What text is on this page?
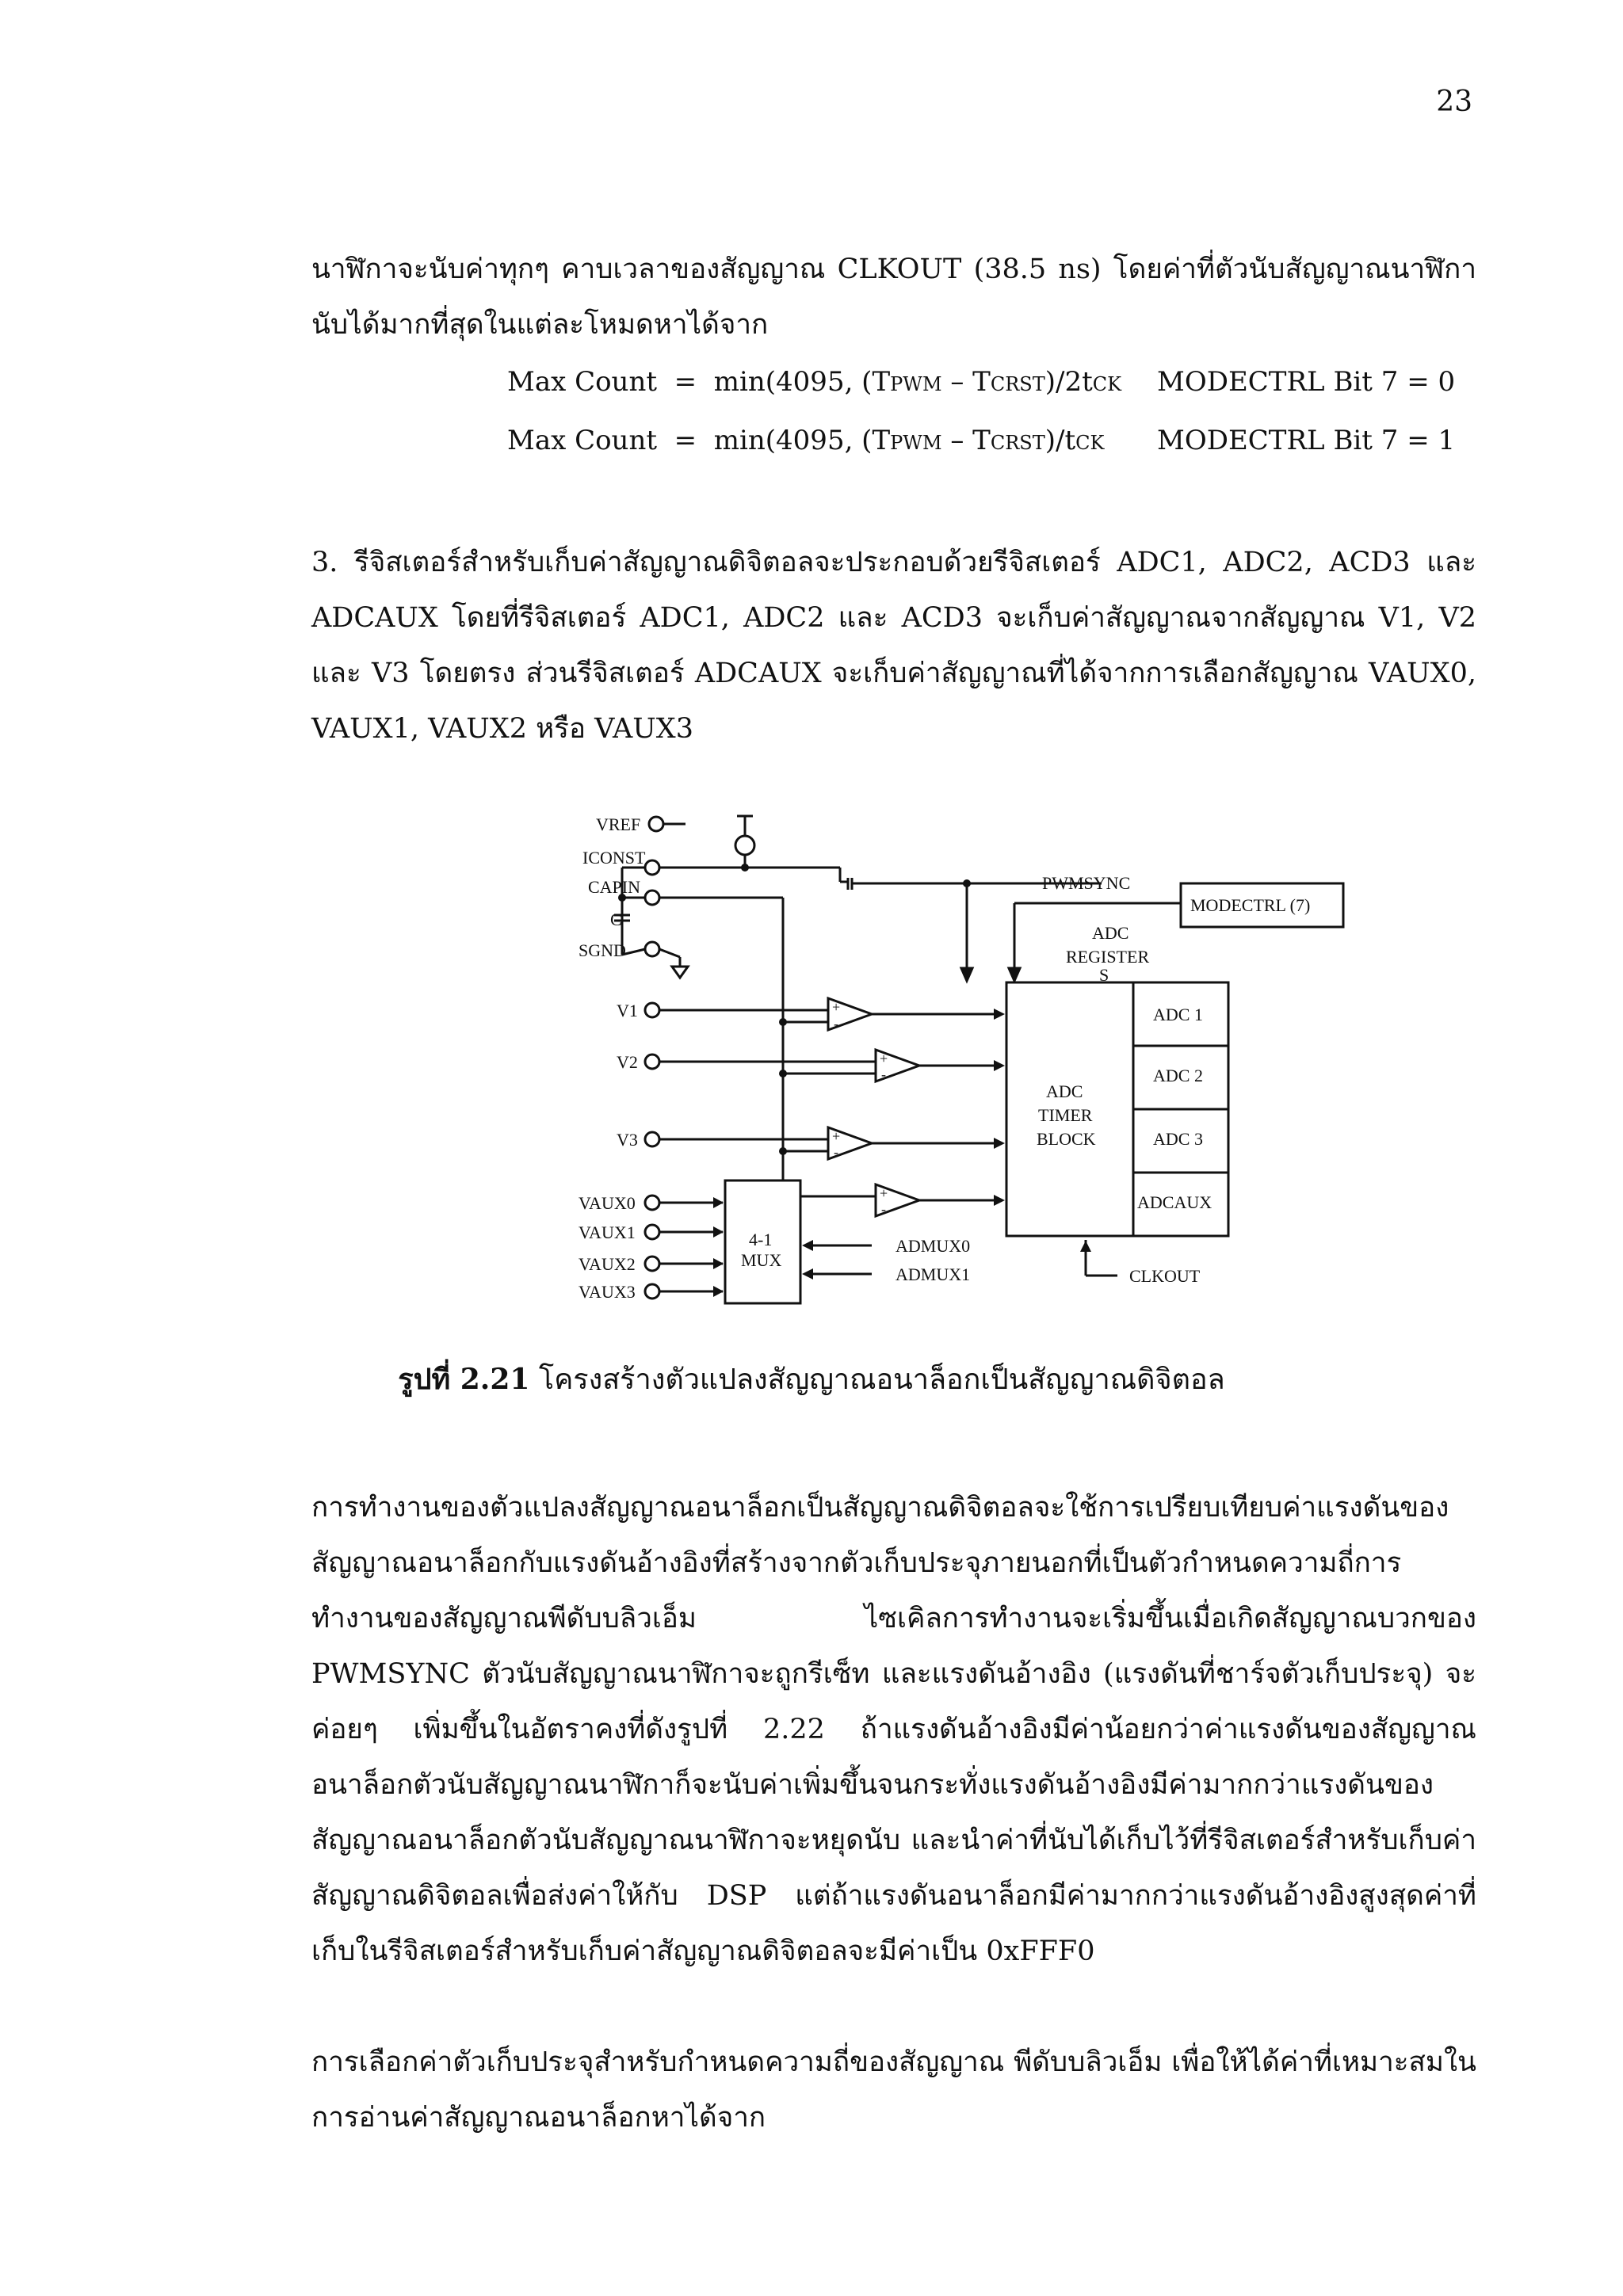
23

นาฬิกาจะนับค่าทุกๆ คาบเวลาของสัญญาณ CLKOUT (38.5 ns) โดยค่าที่ตัวนับสัญญาณนาฬิกานับได้มากที่สุดในแต่ละโหมดหาได้จาก

Max Count = min(4095, (TPWM – TCRST)/2tCK MODECTRL Bit 7 = 0
Max Count = min(4095, (TPWM – TCRST)/tCK MODECTRL Bit 7 = 1

3. รีจิสเตอร์สำหรับเก็บค่าสัญญาณดิจิตอลจะประกอบด้วยรีจิสเตอร์ ADC1, ADC2, ACD3 และ ADCAUX โดยที่รีจิสเตอร์ ADC1, ADC2 และ ACD3 จะเก็บค่าสัญญาณจากสัญญาณ V1, V2 และ V3 โดยตรง ส่วนรีจิสเตอร์ ADCAUX จะเก็บค่าสัญญาณที่ได้จากการเลือกสัญญาณ VAUX0, VAUX1, VAUX2 หรือ VAUX3

VREF
ICONST
CAPIN
C
SGND
V1
V2
V3
VAUX0
VAUX1
VAUX2
VAUX3
4-1
MUX
ADMUX0
ADMUX1
PWMSYNC
MODECTRL (7)
ADC
REGISTER
S
ADC
TIMER
BLOCK
ADC 1
ADC 2
ADC 3
ADCAUX
CLKOUT
+
-
+
-
+
-
+
-
รูปที่ 2.21 โครงสร้างตัวแปลงสัญญาณอนาล็อกเป็นสัญญาณดิจิตอล

การทำงานของตัวแปลงสัญญาณอนาล็อกเป็นสัญญาณดิจิตอลจะใช้การเปรียบเทียบค่าแรงดันของสัญญาณอนาล็อกกับแรงดันอ้างอิงที่สร้างจากตัวเก็บประจุภายนอกที่เป็นตัวกำหนดความถี่การทำงานของสัญญาณพีดับบลิวเอ็ม ไซเคิลการทำงานจะเริ่มขึ้นเมื่อเกิดสัญญาณบวกของ PWMSYNC ตัวนับสัญญาณนาฬิกาจะถูกรีเซ็ท และแรงดันอ้างอิง (แรงดันที่ชาร์จตัวเก็บประจุ) จะค่อยๆ เพิ่มขึ้นในอัตราคงที่ดังรูปที่ 2.22 ถ้าแรงดันอ้างอิงมีค่าน้อยกว่าค่าแรงดันของสัญญาณอนาล็อกตัวนับสัญญาณนาฬิกาก็จะนับค่าเพิ่มขึ้นจนกระทั่งแรงดันอ้างอิงมีค่ามากกว่าแรงดันของสัญญาณอนาล็อกตัวนับสัญญาณนาฬิกาจะหยุดนับ และนำค่าที่นับได้เก็บไว้ที่รีจิสเตอร์สำหรับเก็บค่าสัญญาณดิจิตอลเพื่อส่งค่าให้กับ DSP แต่ถ้าแรงดันอนาล็อกมีค่ามากกว่าแรงดันอ้างอิงสูงสุดค่าที่เก็บในรีจิสเตอร์สำหรับเก็บค่าสัญญาณดิจิตอลจะมีค่าเป็น 0xFFF0

การเลือกค่าตัวเก็บประจุสำหรับกำหนดความถี่ของสัญญาณ พีดับบลิวเอ็ม เพื่อให้ได้ค่าที่เหมาะสมในการอ่านค่าสัญญาณอนาล็อกหาได้จาก
